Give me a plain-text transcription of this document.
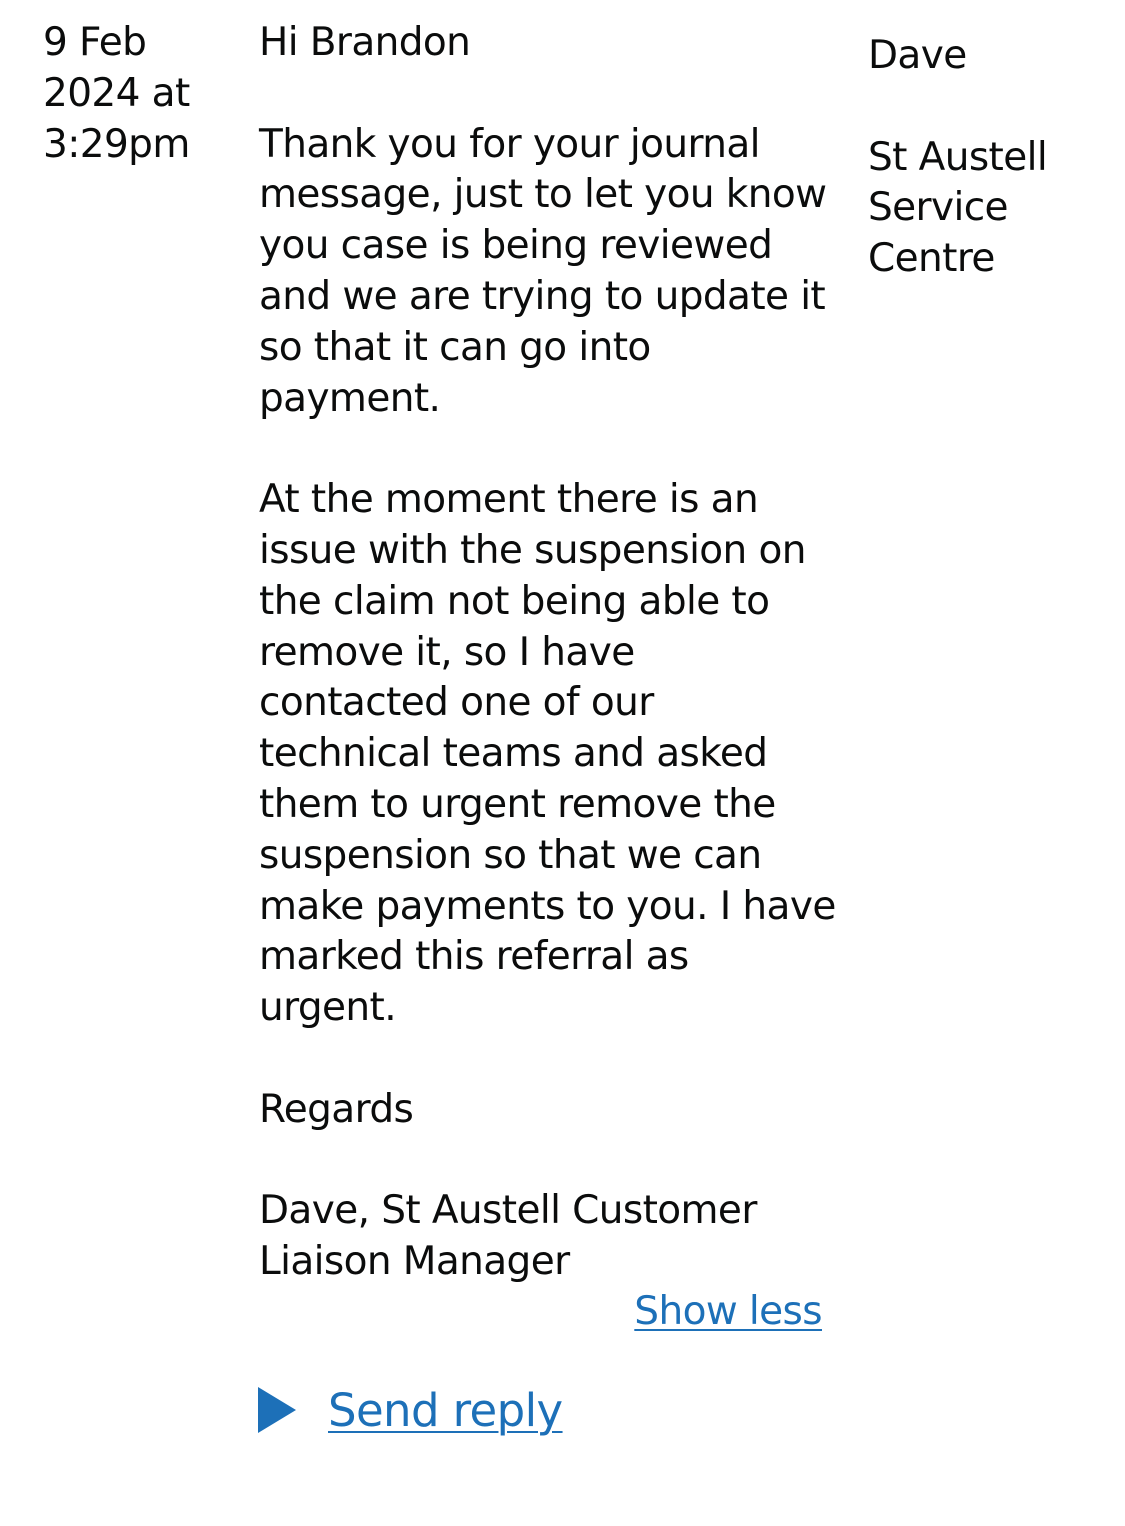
9 Feb
2024 at
3:29pm

Hi Brandon

Thank you for your journal
message, just to let you know
you case is being reviewed
and we are trying to update it
so that it can go into
payment.

At the moment there is an
issue with the suspension on
the claim not being able to
remove it, so I have
contacted one of our
technical teams and asked
them to urgent remove the
suspension so that we can
make payments to you. I have
marked this referral as
urgent.

Regards

Dave, St Austell Customer
Liaison Manager

Dave

St Austell
Service
Centre

Show less
Send reply
